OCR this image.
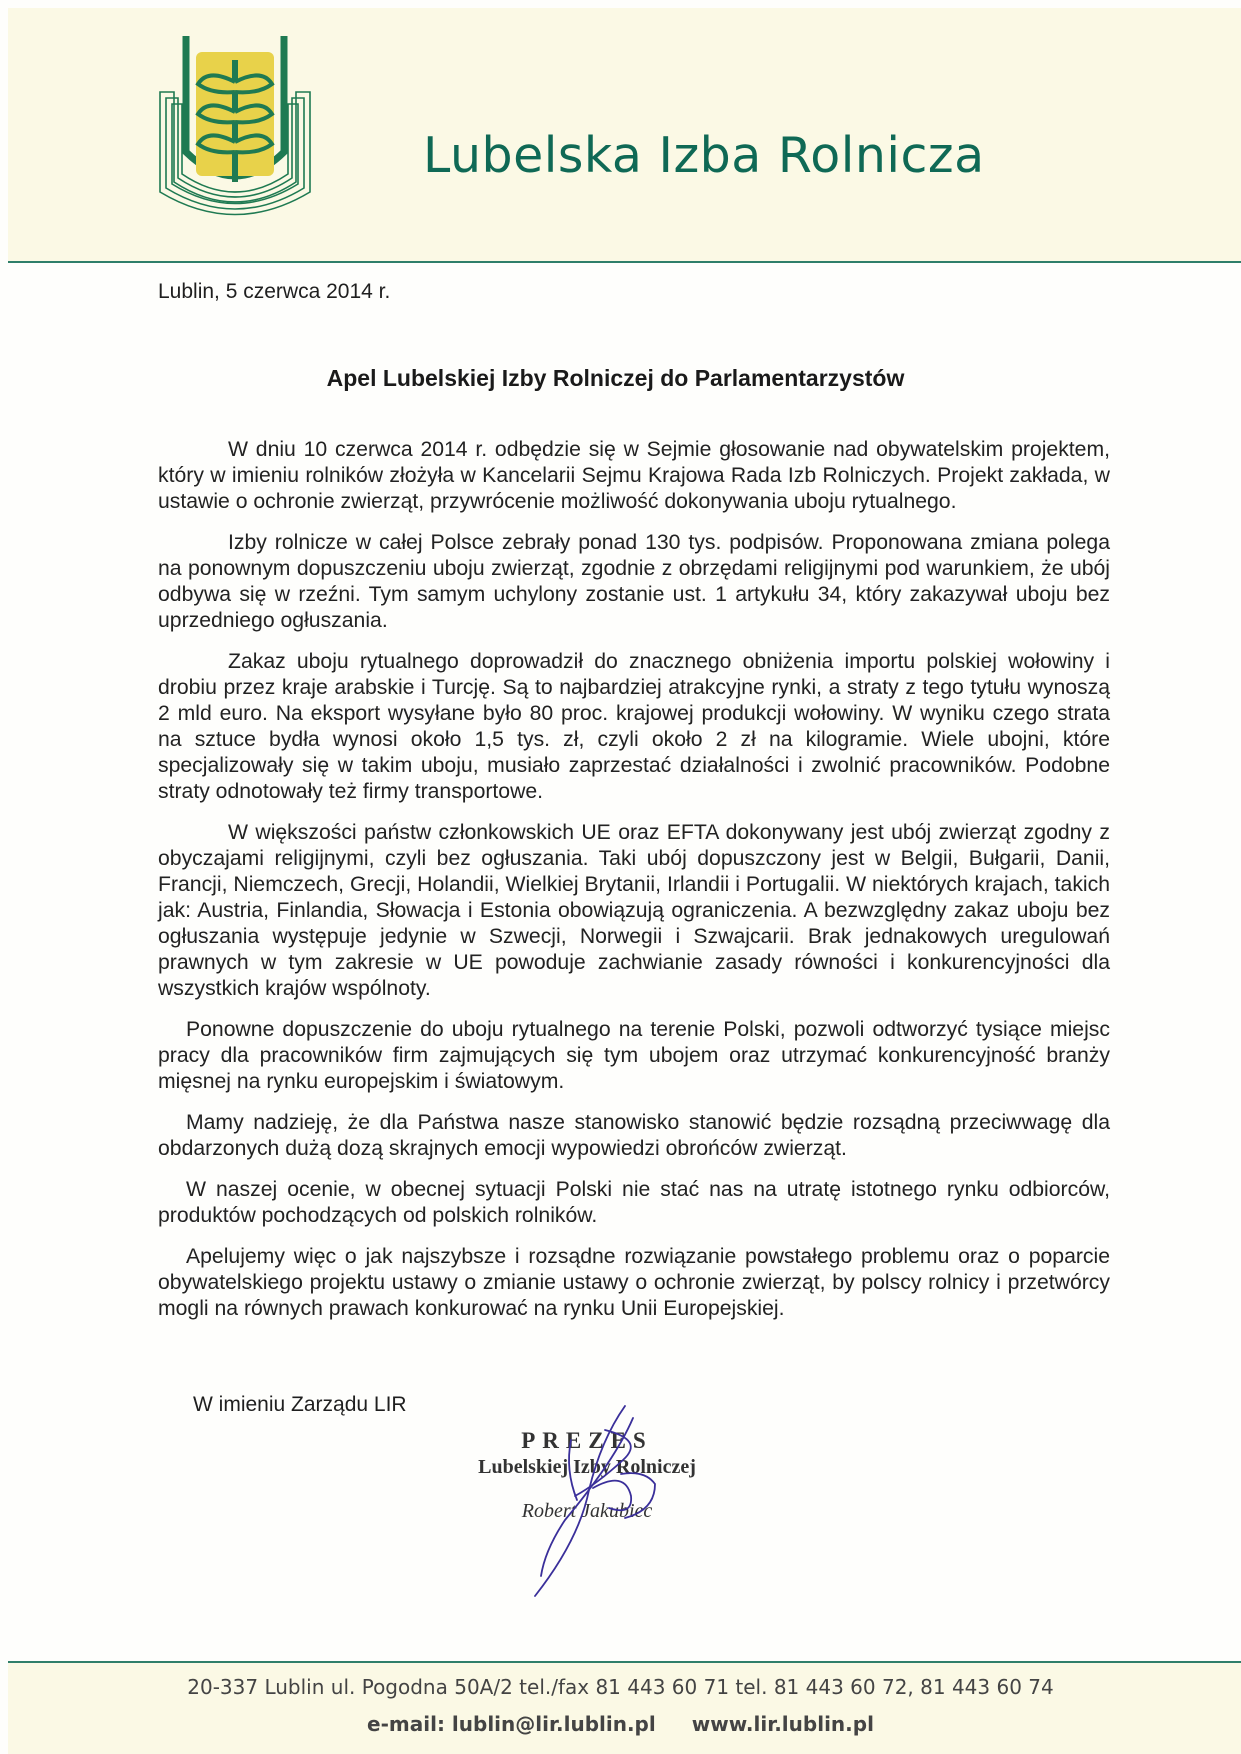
Lubelska Izba Rolnicza
Lublin, 5 czerwca 2014 r.
Apel Lubelskiej Izby Rolniczej do Parlamentarzystów

W dniu 10 czerwca 2014 r. odbędzie się w Sejmie głosowanie nad obywatelskim projektem, który w imieniu rolników złożyła w Kancelarii Sejmu Krajowa Rada Izb Rolniczych. Projekt zakłada, w ustawie o ochronie zwierząt, przywrócenie możliwość dokonywania uboju rytualnego.

Izby rolnicze w całej Polsce zebrały ponad 130 tys. podpisów. Proponowana zmiana polega na ponownym dopuszczeniu uboju zwierząt, zgodnie z obrzędami religijnymi pod warunkiem, że ubój odbywa się w rzeźni. Tym samym uchylony zostanie ust. 1 artykułu 34, który zakazywał uboju bez uprzedniego ogłuszania.

Zakaz uboju rytualnego doprowadził do znacznego obniżenia importu polskiej wołowiny i drobiu przez kraje arabskie i Turcję. Są to najbardziej atrakcyjne rynki, a straty z tego tytułu wynoszą 2 mld euro. Na eksport wysyłane było 80 proc. krajowej produkcji wołowiny. W wyniku czego strata na sztuce bydła wynosi około 1,5 tys. zł, czyli około 2 zł na kilogramie. Wiele ubojni, które specjalizowały się w takim uboju, musiało zaprzestać działalności i zwolnić pracowników. Podobne straty odnotowały też firmy transportowe.

W większości państw członkowskich UE oraz EFTA dokonywany jest ubój zwierząt zgodny z obyczajami religijnymi, czyli bez ogłuszania. Taki ubój dopuszczony jest w Belgii, Bułgarii, Danii, Francji, Niemczech, Grecji, Holandii, Wielkiej Brytanii, Irlandii i Portugalii. W niektórych krajach, takich jak: Austria, Finlandia, Słowacja i Estonia obowiązują ograniczenia. A bezwzględny zakaz uboju bez ogłuszania występuje jedynie w Szwecji, Norwegii i Szwajcarii. Brak jednakowych uregulowań prawnych w tym zakresie w UE powoduje zachwianie zasady równości i konkurencyjności dla wszystkich krajów wspólnoty.

Ponowne dopuszczenie do uboju rytualnego na terenie Polski, pozwoli odtworzyć tysiące miejsc pracy dla pracowników firm zajmujących się tym ubojem oraz utrzymać konkurencyjność branży mięsnej na rynku europejskim i światowym.

Mamy nadzieję, że dla Państwa nasze stanowisko stanowić będzie rozsądną przeciwwagę dla obdarzonych dużą dozą skrajnych emocji wypowiedzi obrońców zwierząt.

W naszej ocenie, w obecnej sytuacji Polski nie stać nas na utratę istotnego rynku odbiorców, produktów pochodzących od polskich rolników.

Apelujemy więc o jak najszybsze i rozsądne rozwiązanie powstałego problemu oraz o poparcie obywatelskiego projektu ustawy o zmianie ustawy o ochronie zwierząt, by polscy rolnicy i przetwórcy mogli na równych prawach konkurować na rynku Unii Europejskiej.

W imieniu Zarządu LIR
PREZES
Lubelskiej Izby Rolniczej
Robert Jakubiec
20-337 Lublin ul. Pogodna 50A/2 tel./fax 81 443 60 71 tel. 81 443 60 72, 81 443 60 74
e-mail: lublin@lir.lublin.pl www.lir.lublin.pl
